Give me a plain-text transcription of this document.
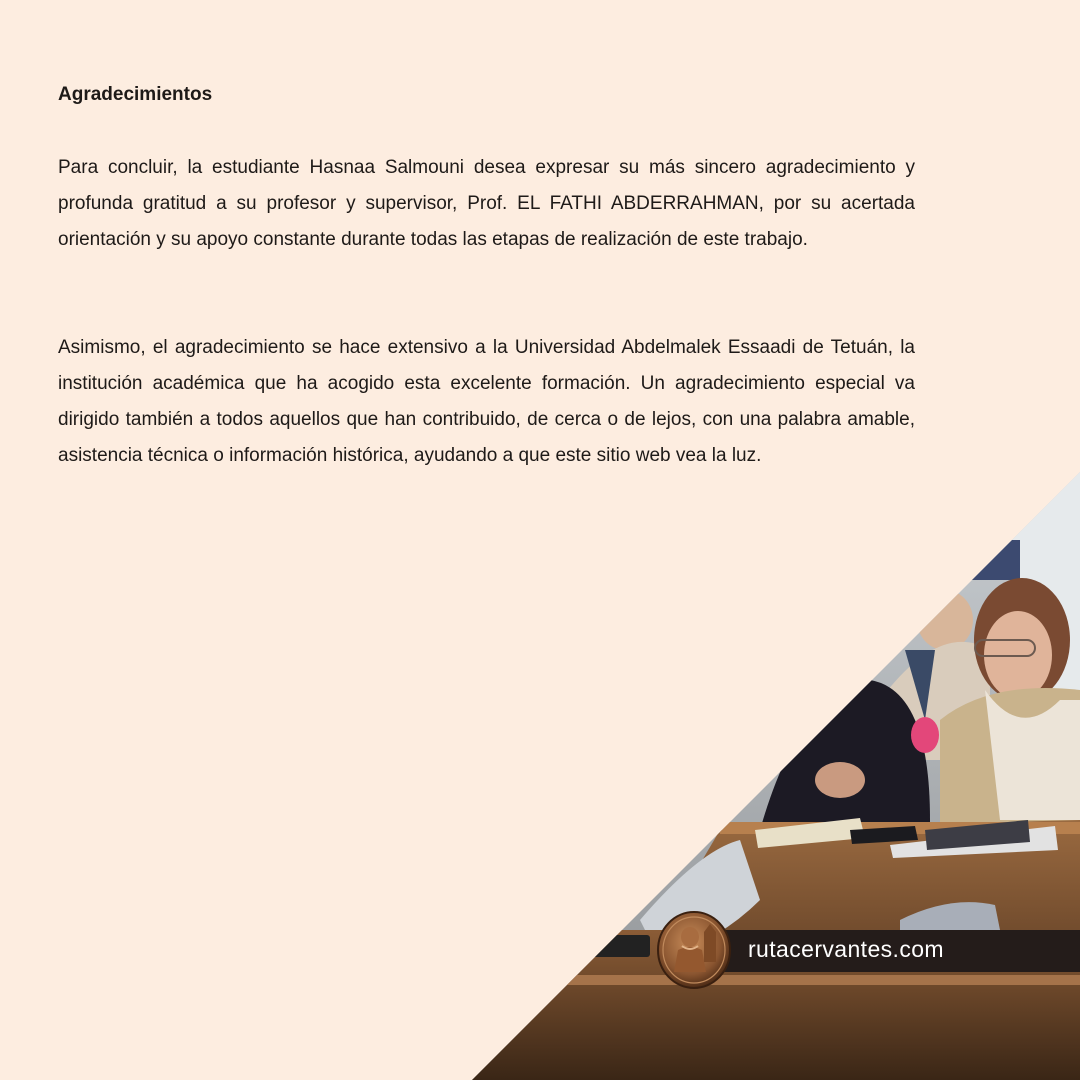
Agradecimientos

Para concluir, la estudiante Hasnaa Salmouni desea expresar su más sincero agradecimiento y profunda gratitud a su profesor y supervisor, Prof. EL FATHI ABDERRAHMAN, por su acertada orientación y su apoyo constante durante todas las etapas de realización de este trabajo.

Asimismo, el agradecimiento se hace extensivo a la Universidad Abdelmalek Essaadi de Tetuán, la institución académica que ha acogido esta excelente formación. Un agradecimiento especial va dirigido también a todos aquellos que han contribuido, de cerca o de lejos, con una palabra amable, asistencia técnica o información histórica, ayudando a que este sitio web vea la luz.

rutacervantes.com
